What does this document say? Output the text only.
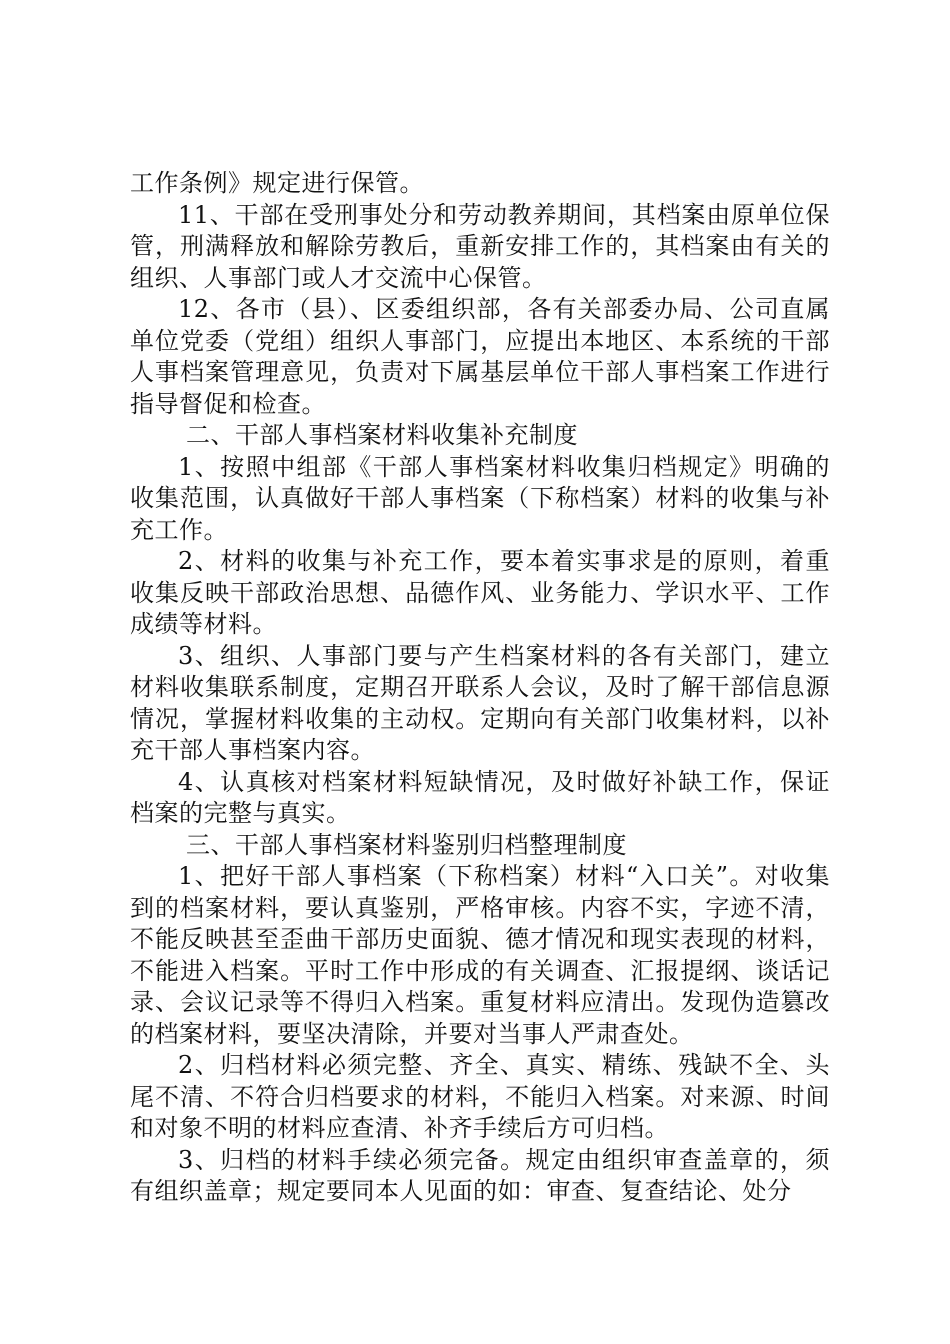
工作条例》规定进行保管。

11、干部在受刑事处分和劳动教养期间，其档案由原单位保管，刑满释放和解除劳教后，重新安排工作的，其档案由有关的组织、人事部门或人才交流中心保管。

12、各市（县）、区委组织部，各有关部委办局、公司直属单位党委（党组）组织人事部门，应提出本地区、本系统的干部人事档案管理意见，负责对下属基层单位干部人事档案工作进行指导督促和检查。

二、干部人事档案材料收集补充制度

1、按照中组部《干部人事档案材料收集归档规定》明确的收集范围，认真做好干部人事档案（下称档案）材料的收集与补充工作。

2、材料的收集与补充工作，要本着实事求是的原则，着重收集反映干部政治思想、品德作风、业务能力、学识水平、工作成绩等材料。

3、组织、人事部门要与产生档案材料的各有关部门，建立材料收集联系制度，定期召开联系人会议，及时了解干部信息源情况，掌握材料收集的主动权。定期向有关部门收集材料，以补充干部人事档案内容。

4、认真核对档案材料短缺情况，及时做好补缺工作，保证档案的完整与真实。

三、干部人事档案材料鉴别归档整理制度

1、把好干部人事档案（下称档案）材料“入口关”。对收集到的档案材料，要认真鉴别，严格审核。内容不实，字迹不清，不能反映甚至歪曲干部历史面貌、德才情况和现实表现的材料，不能进入档案。平时工作中形成的有关调查、汇报提纲、谈话记录、会议记录等不得归入档案。重复材料应清出。发现伪造篡改的档案材料，要坚决清除，并要对当事人严肃查处。

2、归档材料必须完整、齐全、真实、精练、残缺不全、头尾不清、不符合归档要求的材料，不能归入档案。对来源、时间和对象不明的材料应查清、补齐手续后方可归档。

3、归档的材料手续必须完备。规定由组织审查盖章的，须有组织盖章；规定要同本人见面的如：审查、复查结论、处分
